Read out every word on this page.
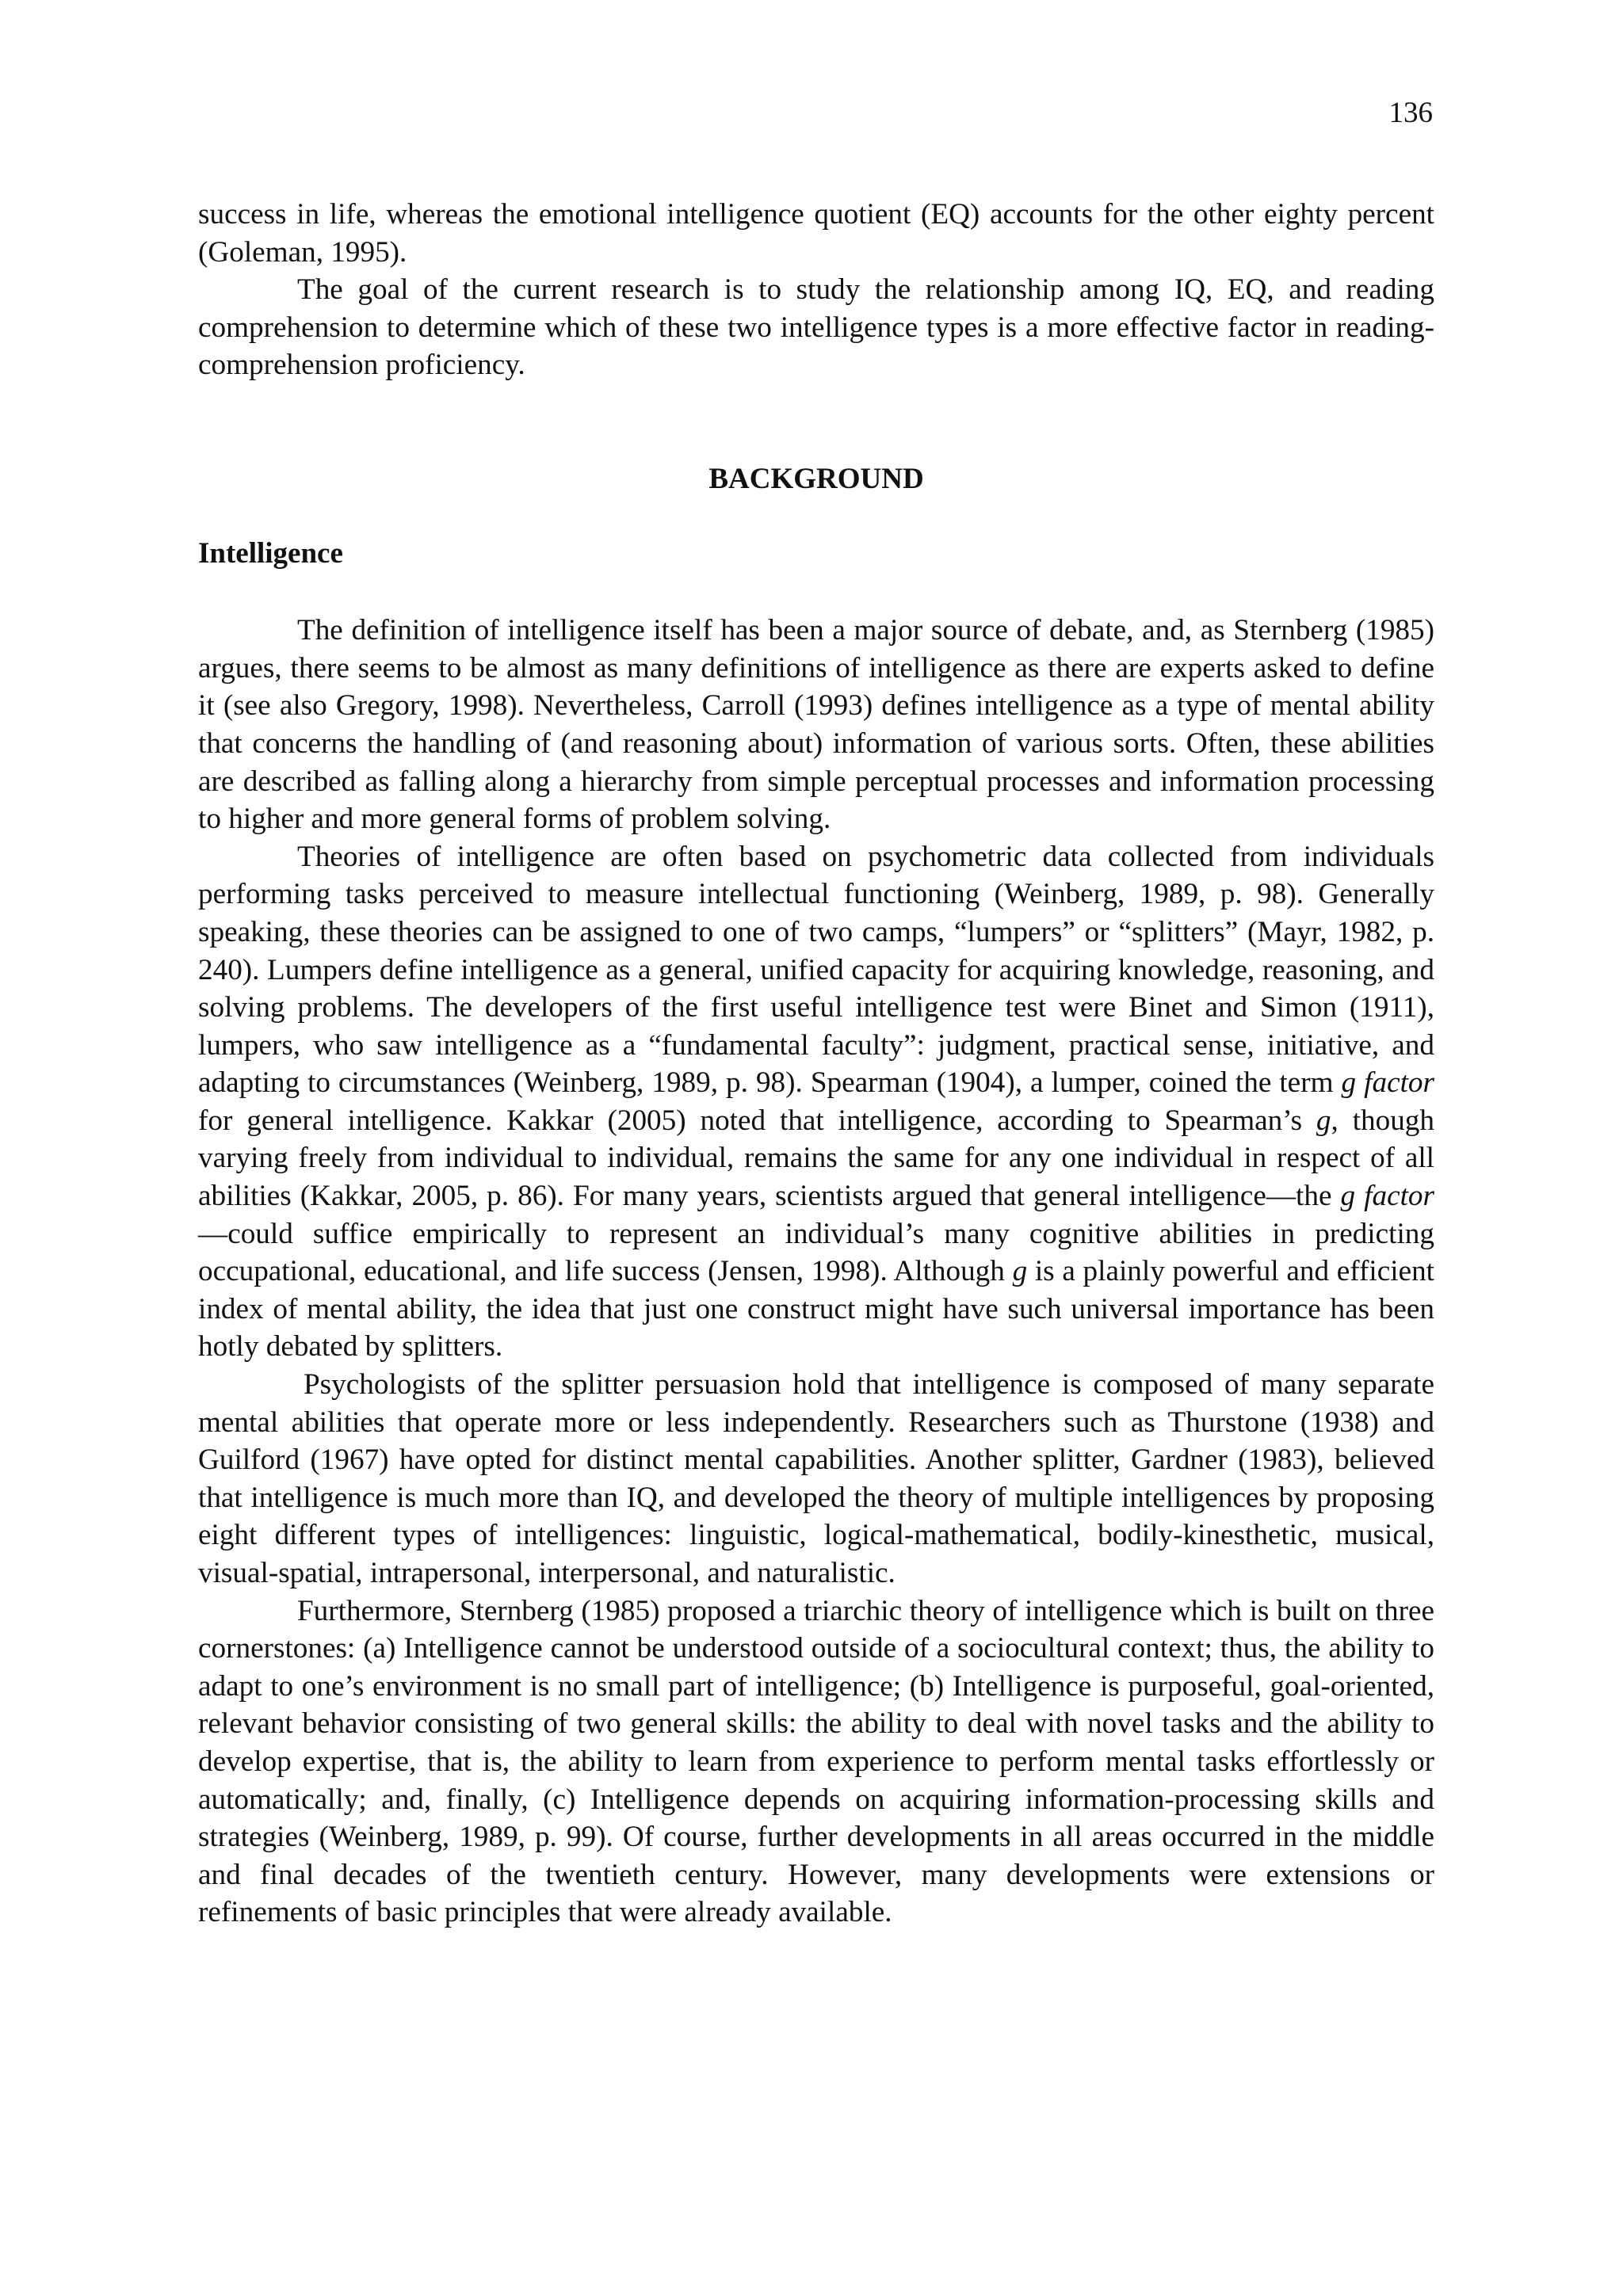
136

success in life, whereas the emotional intelligence quotient (EQ) accounts for the other eighty percent (Goleman, 1995).

The goal of the current research is to study the relationship among IQ, EQ, and reading comprehension to determine which of these two intelligence types is a more effective factor in reading-comprehension proficiency.

BACKGROUND
Intelligence

The definition of intelligence itself has been a major source of debate, and, as Sternberg (1985) argues, there seems to be almost as many definitions of intelligence as there are experts asked to define it (see also Gregory, 1998). Nevertheless, Carroll (1993) defines intelligence as a type of mental ability that concerns the handling of (and reasoning about) information of various sorts. Often, these abilities are described as falling along a hierarchy from simple perceptual processes and information processing to higher and more general forms of problem solving.

Theories of intelligence are often based on psychometric data collected from individuals performing tasks perceived to measure intellectual functioning (Weinberg, 1989, p. 98). Generally speaking, these theories can be assigned to one of two camps, “lumpers” or “splitters” (Mayr, 1982, p. 240). Lumpers define intelligence as a general, unified capacity for acquiring knowledge, reasoning, and solving problems. The developers of the first useful intelligence test were Binet and Simon (1911), lumpers, who saw intelligence as a “fundamental faculty”: judgment, practical sense, initiative, and adapting to circumstances (Weinberg, 1989, p. 98). Spearman (1904), a lumper, coined the term g factor for general intelligence. Kakkar (2005) noted that intelligence, according to Spearman’s g, though varying freely from individual to individual, remains the same for any one individual in respect of all abilities (Kakkar, 2005, p. 86). For many years, scientists argued that general intelligence—the g factor—could suffice empirically to represent an individual’s many cognitive abilities in predicting occupational, educational, and life success (Jensen, 1998). Although g is a plainly powerful and efficient index of mental ability, the idea that just one construct might have such universal importance has been hotly debated by splitters.

Psychologists of the splitter persuasion hold that intelligence is composed of many separate mental abilities that operate more or less independently. Researchers such as Thurstone (1938) and Guilford (1967) have opted for distinct mental capabilities. Another splitter, Gardner (1983), believed that intelligence is much more than IQ, and developed the theory of multiple intelligences by proposing eight different types of intelligences: linguistic, logical-mathematical, bodily-kinesthetic, musical, visual-spatial, intrapersonal, interpersonal, and naturalistic.

Furthermore, Sternberg (1985) proposed a triarchic theory of intelligence which is built on three cornerstones: (a) Intelligence cannot be understood outside of a sociocultural context; thus, the ability to adapt to one’s environment is no small part of intelligence; (b) Intelligence is purposeful, goal-oriented, relevant behavior consisting of two general skills: the ability to deal with novel tasks and the ability to develop expertise, that is, the ability to learn from experience to perform mental tasks effortlessly or automatically; and, finally, (c) Intelligence depends on acquiring information-processing skills and strategies (Weinberg, 1989, p. 99). Of course, further developments in all areas occurred in the middle and final decades of the twentieth century. However, many developments were extensions or refinements of basic principles that were already available.
